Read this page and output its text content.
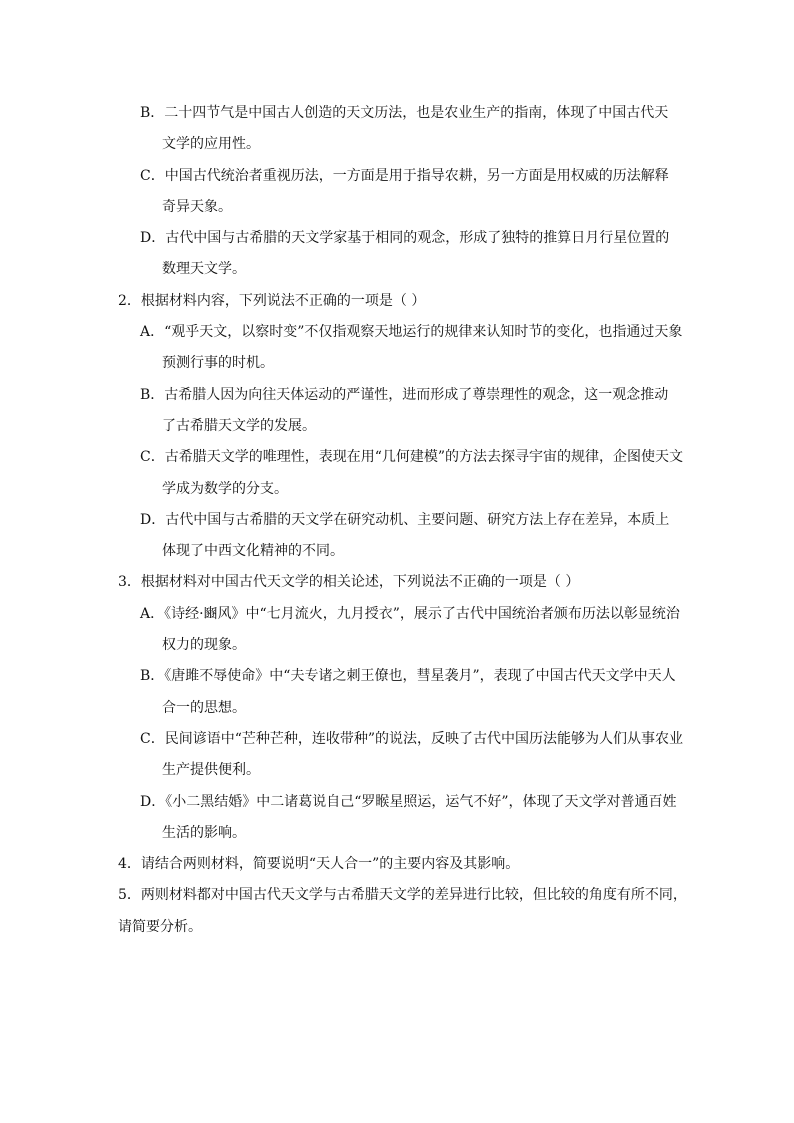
B．二十四节气是中国古人创造的天文历法，也是农业生产的指南，体现了中国古代天
文学的应用性。
C．中国古代统治者重视历法，一方面是用于指导农耕，另一方面是用权威的历法解释
奇异天象。
D．古代中国与古希腊的天文学家基于相同的观念，形成了独特的推算日月行星位置的
数理天文学。
2．根据材料内容，下列说法不正确的一项是（ ）
A．“观乎天文，以察时变”不仅指观察天地运行的规律来认知时节的变化，也指通过天象
预测行事的时机。
B．古希腊人因为向往天体运动的严谨性，进而形成了尊崇理性的观念，这一观念推动
了古希腊天文学的发展。
C．古希腊天文学的唯理性，表现在用“几何建模”的方法去探寻宇宙的规律，企图使天文
学成为数学的分支。
D．古代中国与古希腊的天文学在研究动机、主要问题、研究方法上存在差异，本质上
体现了中西文化精神的不同。
3．根据材料对中国古代天文学的相关论述，下列说法不正确的一项是（ ）
A．《诗经·豳风》中“七月流火，九月授衣”，展示了古代中国统治者颁布历法以彰显统治
权力的现象。
B．《唐雎不辱使命》中“夫专诸之刺王僚也，彗星袭月”，表现了中国古代天文学中天人
合一的思想。
C．民间谚语中“芒种芒种，连收带种”的说法，反映了古代中国历法能够为人们从事农业
生产提供便利。
D．《小二黑结婚》中二诸葛说自己“罗睺星照运，运气不好”，体现了天文学对普通百姓
生活的影响。
4．请结合两则材料，简要说明“天人合一”的主要内容及其影响。
5．两则材料都对中国古代天文学与古希腊天文学的差异进行比较，但比较的角度有所不同，
请简要分析。
